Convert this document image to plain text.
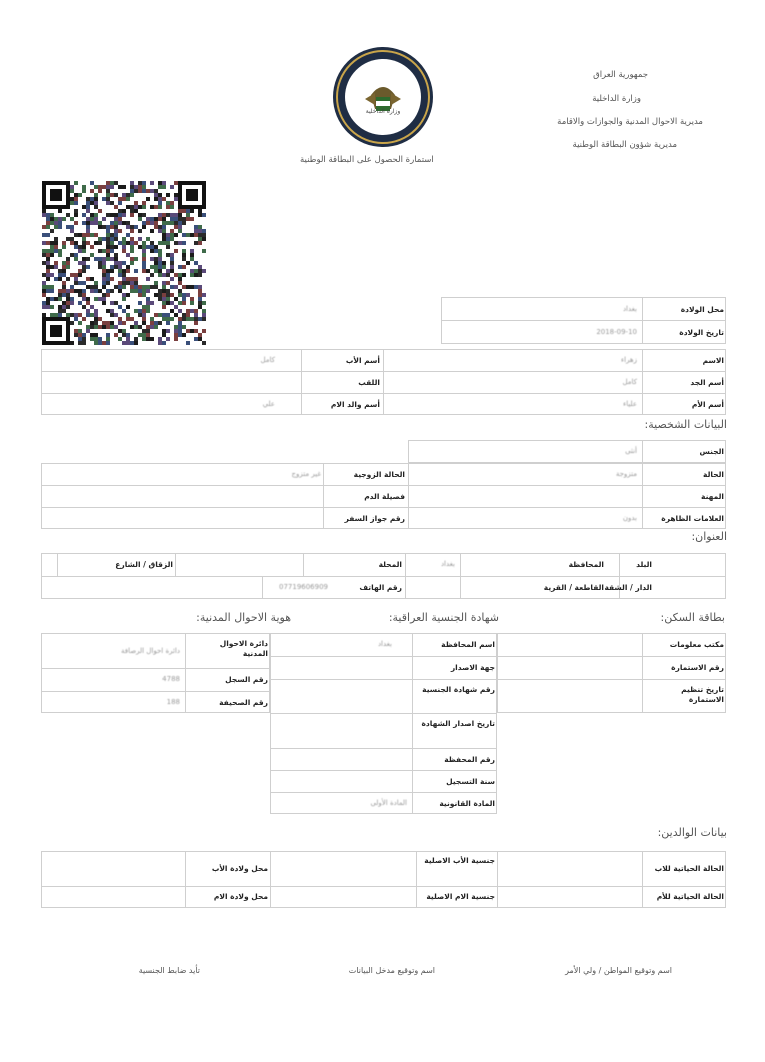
جمهورية العراق
وزارة الداخلية
مديرية الاحوال المدنية والجوازات والاقامة
مديرية شؤون البطاقة الوطنية
وزارة الداخلية
استمارة الحصول على البطاقة الوطنية
محل الولادة
بغداد
تاريخ الولادة
2018-09-10
الاسم
زهراء
أسم الأب
كامل
أسم الجد
كامل
اللقب
أسم الأم
علياء
أسم والد الام
علي
البيانات الشخصية:
الجنس
أنثى
الحالة
متزوجة
الحالة الزوجية
غير متزوج
المهنة
فصيلة الدم
العلامات الظاهرة
بدون
رقم جواز السفر
العنوان:
البلد
المحافظة
بغداد
المحلة
الزقاق / الشارع
الدار / الشقة
القاطعة / القرية
رقم الهاتف
07719606909
بطاقة السكن:
شهادة الجنسية العراقية:
هوية الاحوال المدنية:
مكتب معلومات
رقم الاستمارة
تاريخ تنظيم الاستمارة
اسم المحافظة
بغداد
جهة الاصدار
رقم شهادة الجنسية
تاريخ اصدار الشهادة
رقم المحفظة
سنة التسجيل
المادة القانونية
المادة الأولى
دائرة الاحوال المدنية
دائرة احوال الرصافة
رقم السجل
4788
رقم الصحيفة
188
بيانات الوالدين:
الحالة الحياتية للاب
جنسية الأب الاصلية
محل ولادة الأب
الحالة الحياتية للأم
جنسية الام الاصلية
محل ولادة الام
اسم وتوقيع المواطن / ولي الأمر
اسم وتوقيع مدخل البيانات
تأيد ضابط الجنسية
